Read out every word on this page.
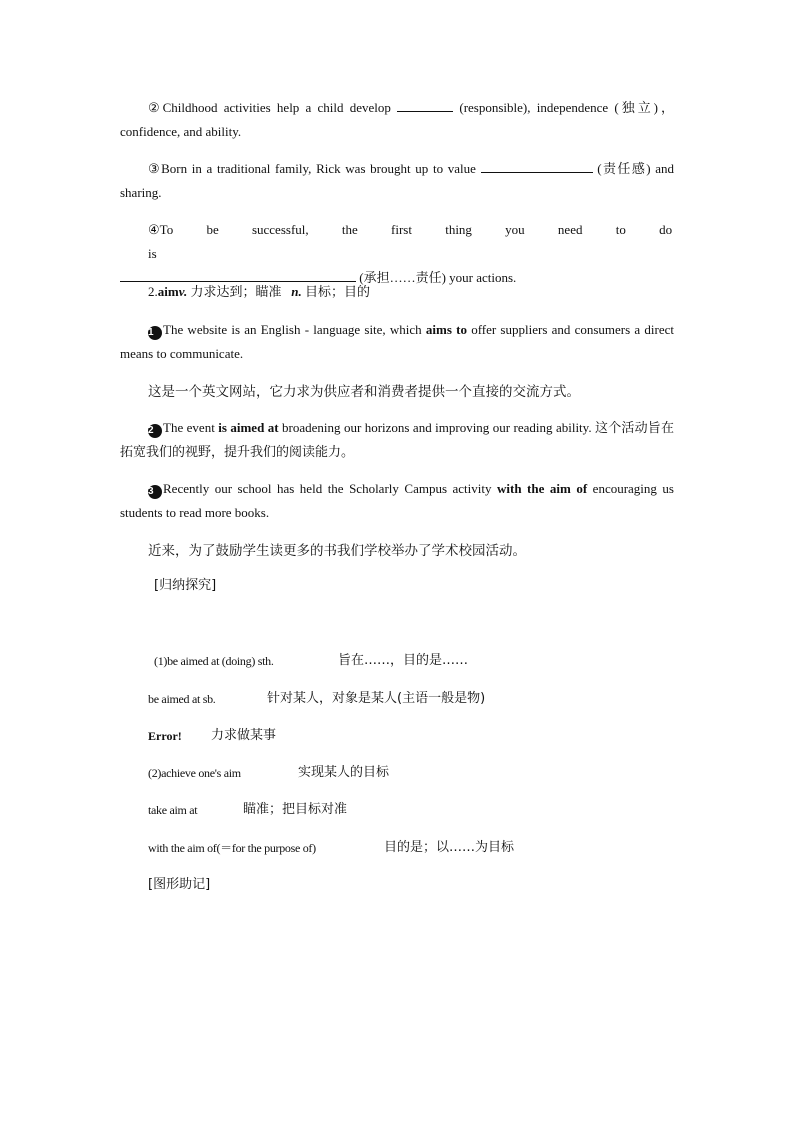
②Childhood activities help a child develop	(responsible), independence (独立)，confidence, and ability.
③Born in a traditional family, Rick was brought up to value	(责任感) and sharing.
④To be successful, the first thing you need to do is
(承担……责任) your actions.
2.aimv. 力求达到；瞄准 n. 目标；目的
1 The website is an English - language site, which aims to offer suppliers and consumers a direct means to communicate.
这是一个英文网站，它力求为供应者和消费者提供一个直接的交流方式。
2 The event is aimed at broadening our horizons and improving our reading ability. 这个活动旨在拓宽我们的视野，提升我们的阅读能力。
3 Recently our school has held the Scholarly Campus activity with the aim of encouraging us students to read more books.
近来，为了鼓励学生读更多的书我们学校举办了学术校园活动。
[归纳探究]
(1)be aimed at (doing) sth.	旨在……，目的是……
be aimed at sb.	针对某人，对象是某人(主语一般是物)
Error! 力求做某事
(2)achieve one's aim	实现某人的目标
take aim at	瞄准；把目标对准
with the aim of(＝for the purpose of)	目的是；以……为目标
[图形助记]
